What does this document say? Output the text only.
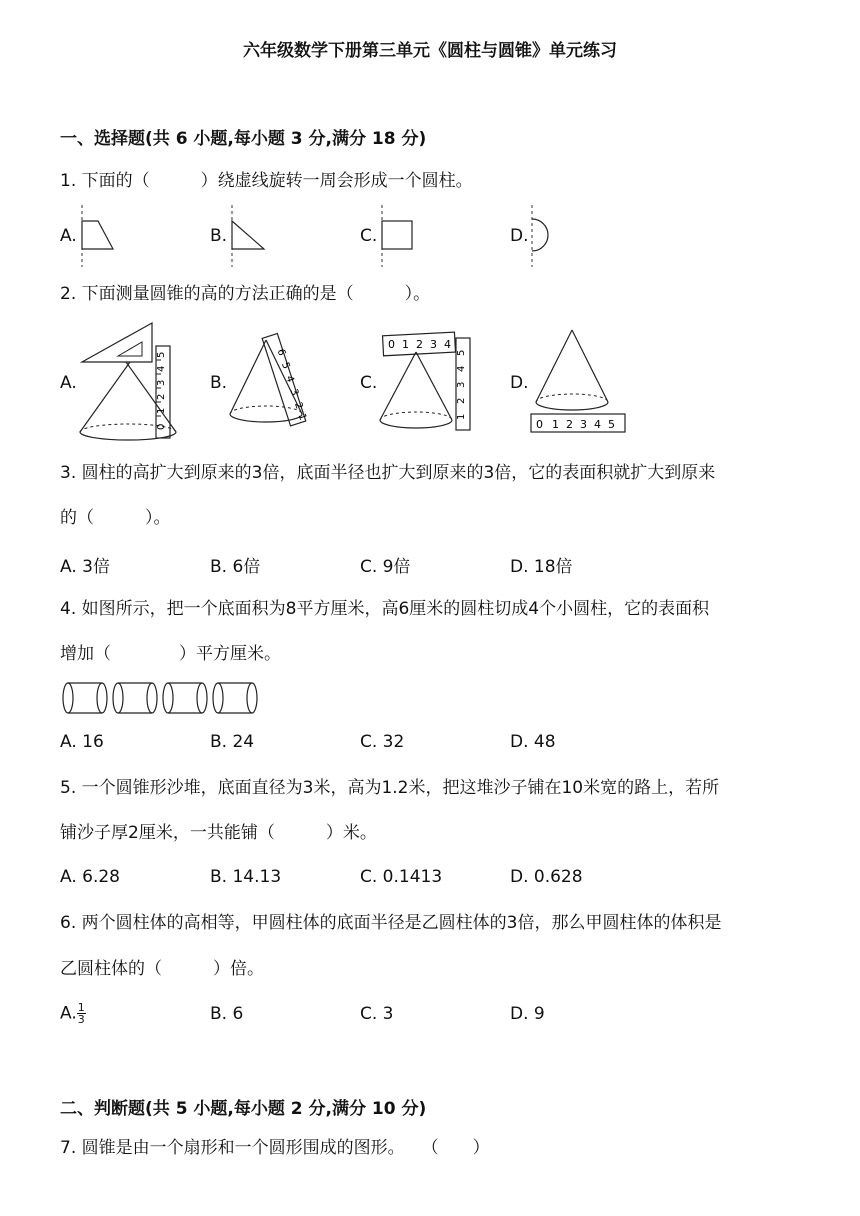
六年级数学下册第三单元《圆柱与圆锥》单元练习
一、选择题(共 6 小题,每小题 3 分,满分 18 分)
1. 下面的（　　　）绕虚线旋转一周会形成一个圆柱。
A.	B.	C.	D.
2. 下面测量圆锥的高的方法正确的是（　　　）。
A.	B.	C.	D.
5
4
3
2
1
0
6
5
4
3
2
1
0 1 2 3 4
5
4
3
2
1
0 1 2 3 4 5
3. 圆柱的高扩大到原来的3倍，底面半径也扩大到原来的3倍，它的表面积就扩大到原来
的（　　　）。
A. 3倍	B. 6倍	C. 9倍	D. 18倍
4. 如图所示，把一个底面积为8平方厘米，高6厘米的圆柱切成4个小圆柱，它的表面积
增加（　　　　）平方厘米。
A. 16	B. 24	C. 32	D. 48
5. 一个圆锥形沙堆，底面直径为3米，高为1.2米，把这堆沙子铺在10米宽的路上，若所
铺沙子厚2厘米，一共能铺（　　　）米。
A. 6.28	B. 14.13	C. 0.1413	D. 0.628
6. 两个圆柱体的高相等，甲圆柱体的底面半径是乙圆柱体的3倍，那么甲圆柱体的体积是
乙圆柱体的（　　　）倍。
A. $\frac{1}{3}$	B. 6	C. 3	D. 9
二、判断题(共 5 小题,每小题 2 分,满分 10 分)
7. 圆锥是由一个扇形和一个圆形围成的图形。　　（　　）
